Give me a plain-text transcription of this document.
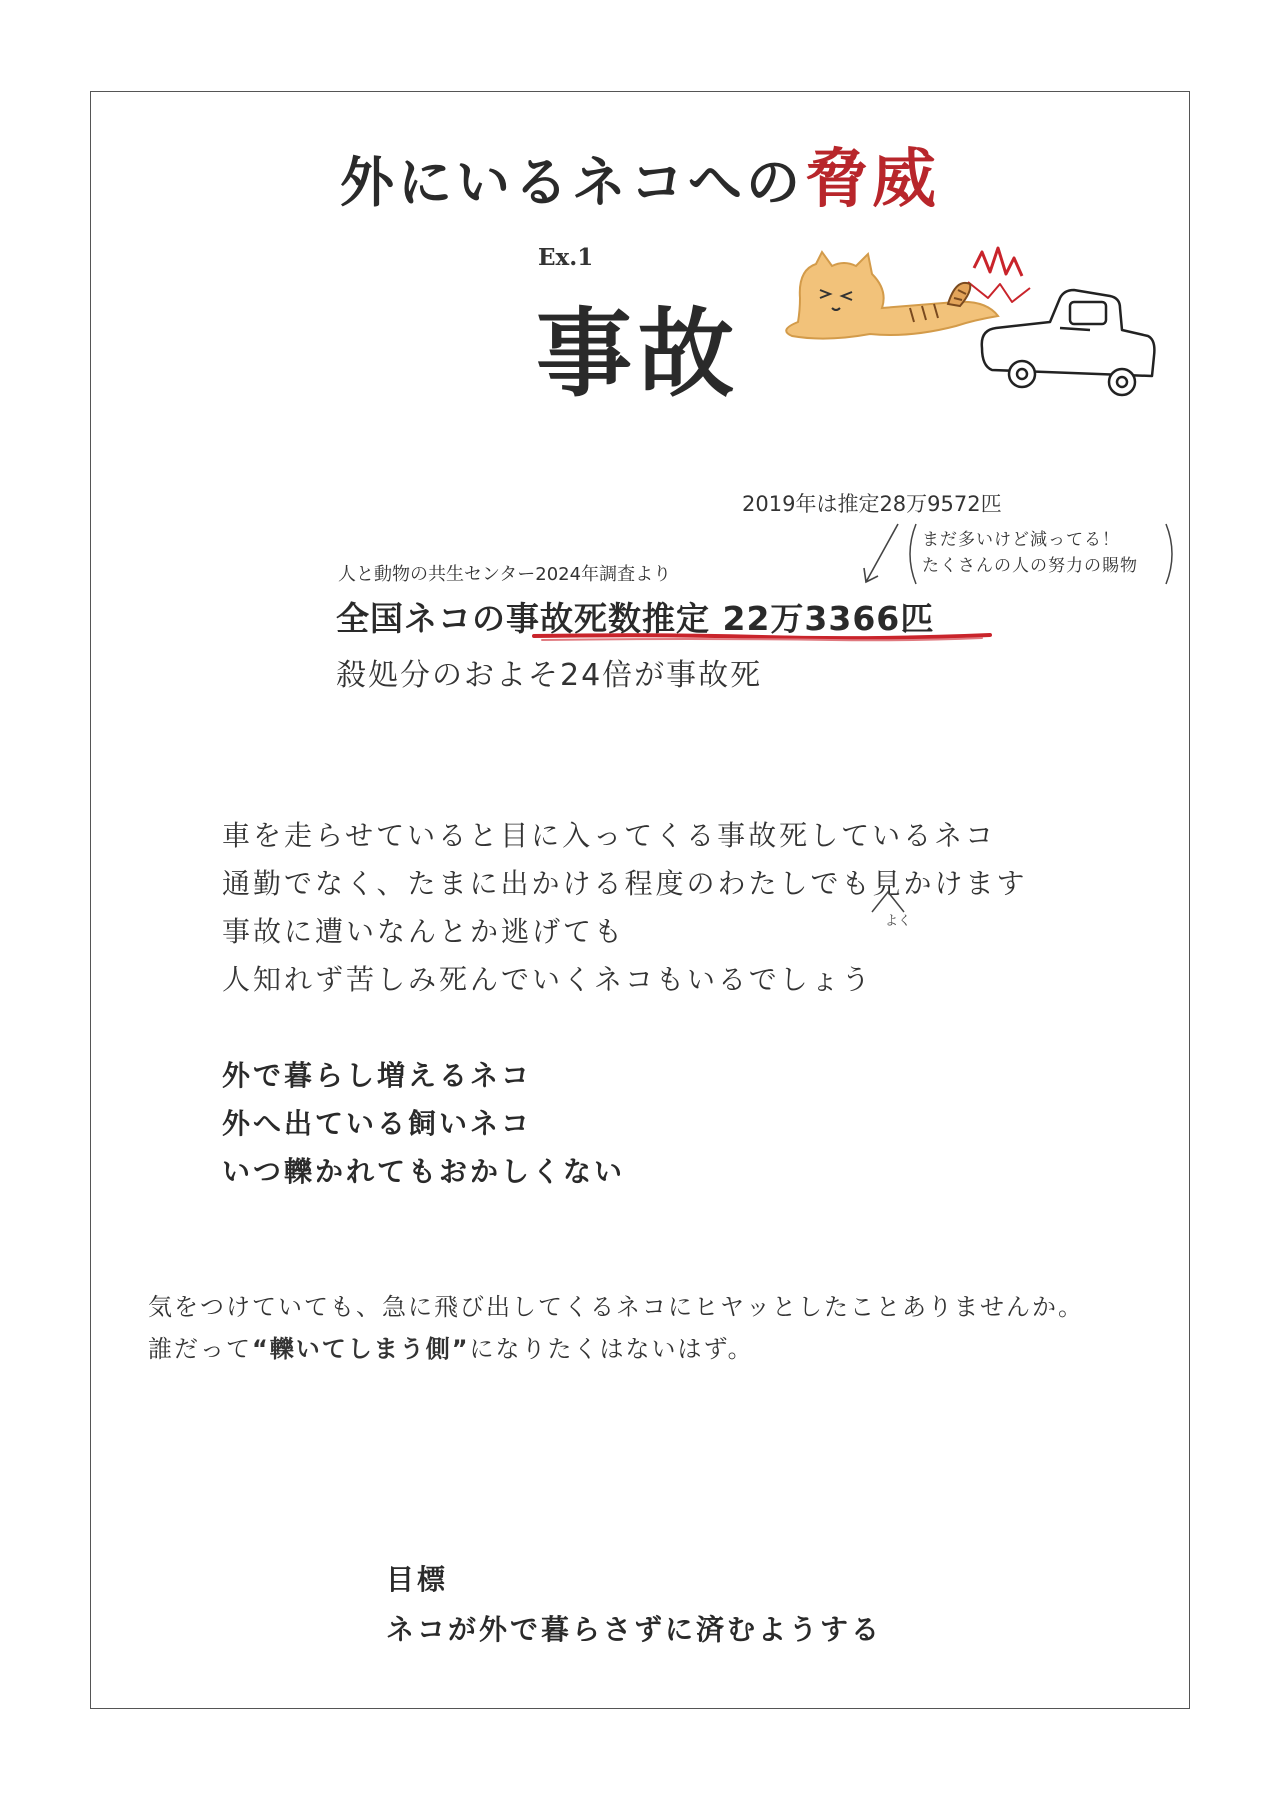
外にいるネコへの脅威
Ex.1
事故
2019年は推定28万9572匹
まだ多いけど減ってる！
たくさんの人の努力の賜物
人と動物の共生センター2024年調査より
全国ネコの事故死数推定 22万3366匹
殺処分のおよそ24倍が事故死
車を走らせていると目に入ってくる事故死しているネコ
通勤でなく、たまに出かける程度のわたしでも見かけます
事故に遭いなんとか逃げても
人知れず苦しみ死んでいくネコもいるでしょう
よく
外で暮らし増えるネコ
外へ出ている飼いネコ
いつ轢かれてもおかしくない
気をつけていても、急に飛び出してくるネコにヒヤッとしたことありませんか。
誰だって“轢いてしまう側”になりたくはないはず。
目標
ネコが外で暮らさずに済むようする
